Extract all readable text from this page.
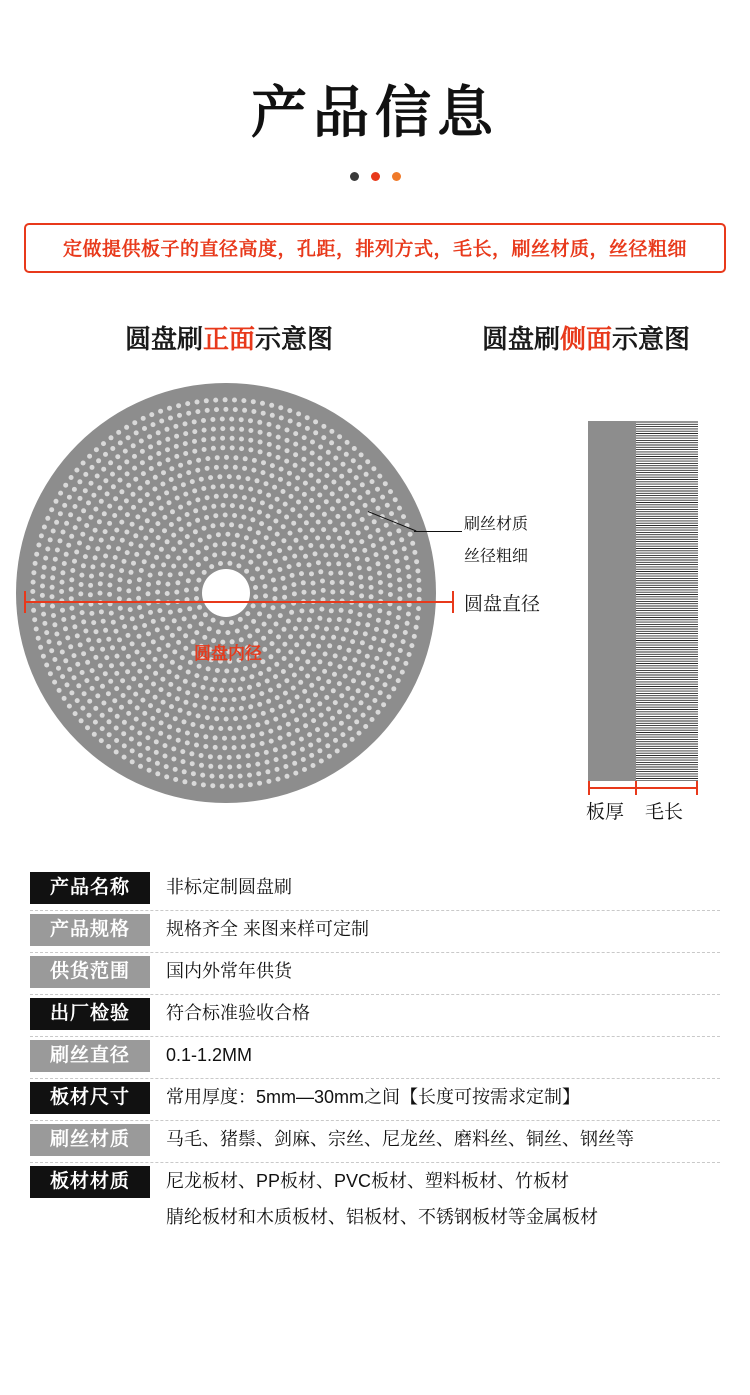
产品信息
定做提供板子的直径高度，孔距，排列方式，毛长，刷丝材质，丝径粗细
圆盘刷正面示意图	圆盘刷侧面示意图
圆盘直径
圆盘内径
刷丝材质
丝径粗细
板厚 毛长
产品名称	非标定制圆盘刷
产品规格	规格齐全 来图来样可定制
供货范围	国内外常年供货
出厂检验	符合标准验收合格
刷丝直径	0.1-1.2MM
板材尺寸	常用厚度：5mm—30mm之间【长度可按需求定制】
刷丝材质	马毛、猪鬃、剑麻、宗丝、尼龙丝、磨料丝、铜丝、钢丝等
板材材质	尼龙板材、PP板材、PVC板材、塑料板材、竹板材
腈纶板材和木质板材、铝板材、不锈钢板材等金属板材
